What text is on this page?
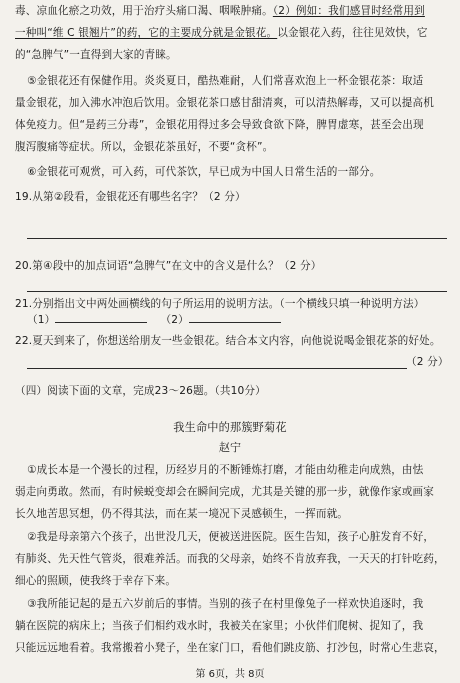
毒、凉血化瘀之功效，用于治疗头痛口渴、咽喉肿痛。（2）例如：我们感冒时经常用到
一种叫“维 C 银翘片”的药，它的主要成分就是金银花。以金银花入药，往往见效快，它
的“急脾气”一直得到大家的青睐。
⑤金银花还有保健作用。炎炎夏日，酷热难耐，人们常喜欢泡上一杯金银花茶：取适
量金银花，加入沸水冲泡后饮用。金银花茶口感甘甜清爽，可以清热解毒，又可以提高机
体免疫力。但“是药三分毒”，金银花用得过多会导致食欲下降，脾胃虚寒，甚至会出现
腹泻腹痛等症状。所以，金银花茶虽好，不要“贪杯”。
⑥金银花可观赏，可入药，可代茶饮，早已成为中国人日常生活的一部分。
19.从第②段看，金银花还有哪些名字？（2 分）
20.第④段中的加点词语“急脾气”在文中的含义是什么？（2 分）
21.分别指出文中两处画横线的句子所运用的说明方法。（一个横线只填一种说明方法）
（1）	（2）
22.夏天到来了，你想送给朋友一些金银花。结合本文内容，向他说说喝金银花茶的好处。
（2 分）
（四）阅读下面的文章，完成23～26题。（共10分）
我生命中的那簇野菊花
赵宁
①成长本是一个漫长的过程，历经岁月的不断锤炼打磨，才能由幼稚走向成熟，由怯
弱走向勇敢。然而，有时候蜕变却会在瞬间完成，尤其是关键的那一步，就像作家或画家
长久地苦思冥想，仍不得其法，而在某一境况下灵感顿生，一挥而就。
②我是母亲第六个孩子，出世没几天，便被送进医院。医生告知，孩子心脏发育不好，
有肺炎、先天性气管炎，很难养活。而我的父母亲，始终不肯放弃我，一天天的打针吃药，
细心的照顾，使我终于幸存下来。
③我所能记起的是五六岁前后的事情。当别的孩子在村里像兔子一样欢快追逐时，我
躺在医院的病床上；当孩子们相约戏水时，我被关在家里；小伙伴们爬树、捉知了，我
只能远远地看着。我常搬着小凳子，坐在家门口，看他们跳皮筋、打沙包，时常心生悲哀，
第 6页，共 8页
